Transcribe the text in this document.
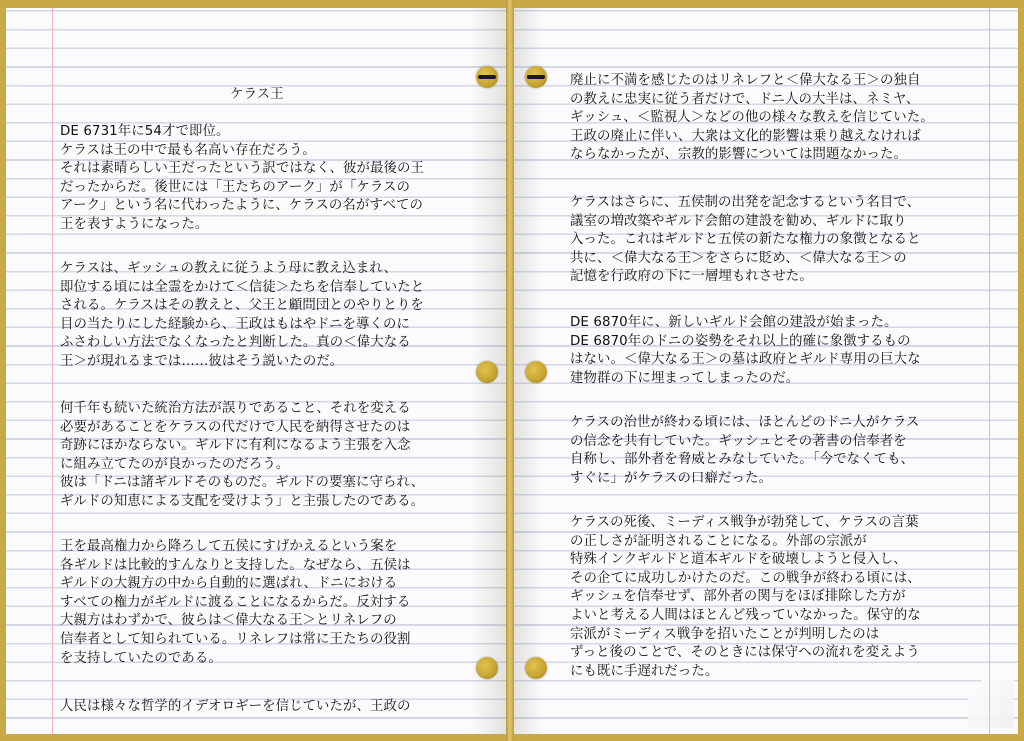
ケラス王

DE 6731年に54才で即位。
ケラスは王の中で最も名高い存在だろう。
それは素晴らしい王だったという訳ではなく、彼が最後の王
だったからだ。後世には「王たちのアーク」が「ケラスの
アーク」という名に代わったように、ケラスの名がすべての
王を表すようになった。

ケラスは、ギッシュの教えに従うよう母に教え込まれ、
即位する頃には全霊をかけて＜信徒＞たちを信奉していたと
される。ケラスはその教えと、父王と顧問団とのやりとりを
目の当たりにした経験から、王政はもはやドニを導くのに
ふさわしい方法でなくなったと判断した。真の＜偉大なる
王＞が現れるまでは……彼はそう説いたのだ。

何千年も続いた統治方法が誤りであること、それを変える
必要があることをケラスの代だけで人民を納得させたのは
奇跡にほかならない。ギルドに有利になるよう主張を入念
に組み立てたのが良かったのだろう。
彼は「ドニは諸ギルドそのものだ。ギルドの要塞に守られ、
ギルドの知恵による支配を受けよう」と主張したのである。

王を最高権力から降ろして五侯にすげかえるという案を
各ギルドは比較的すんなりと支持した。なぜなら、五侯は
ギルドの大親方の中から自動的に選ばれ、ドニにおける
すべての権力がギルドに渡ることになるからだ。反対する
大親方はわずかで、彼らは＜偉大なる王＞とリネレフの
信奉者として知られている。リネレフは常に王たちの役割
を支持していたのである。

人民は様々な哲学的イデオロギーを信じていたが、王政の

廃止に不満を感じたのはリネレフと＜偉大なる王＞の独自
の教えに忠実に従う者だけで、ドニ人の大半は、ネミヤ、
ギッシュ、＜監視人＞などの他の様々な教えを信じていた。
王政の廃止に伴い、大衆は文化的影響は乗り越えなければ
ならなかったが、宗教的影響については問題なかった。

ケラスはさらに、五侯制の出発を記念するという名目で、
議室の増改築やギルド会館の建設を勧め、ギルドに取り
入った。これはギルドと五侯の新たな権力の象徴となると
共に、＜偉大なる王＞をさらに貶め、＜偉大なる王＞の
記憶を行政府の下に一層埋もれさせた。

DE 6870年に、新しいギルド会館の建設が始まった。
DE 6870年のドニの姿勢をそれ以上的確に象徴するもの
はない。＜偉大なる王＞の墓は政府とギルド専用の巨大な
建物群の下に埋まってしまったのだ。

ケラスの治世が終わる頃には、ほとんどのドニ人がケラス
の信念を共有していた。ギッシュとその著書の信奉者を
自称し、部外者を脅威とみなしていた。「今でなくても、
すぐに」がケラスの口癖だった。

ケラスの死後、ミーディス戦争が勃発して、ケラスの言葉
の正しさが証明されることになる。外部の宗派が
特殊インクギルドと道本ギルドを破壊しようと侵入し、
その企てに成功しかけたのだ。この戦争が終わる頃には、
ギッシュを信奉せず、部外者の関与をほぼ排除した方が
よいと考える人間はほとんど残っていなかった。保守的な
宗派がミーディス戦争を招いたことが判明したのは
ずっと後のことで、そのときには保守への流れを変えよう
にも既に手遅れだった。
